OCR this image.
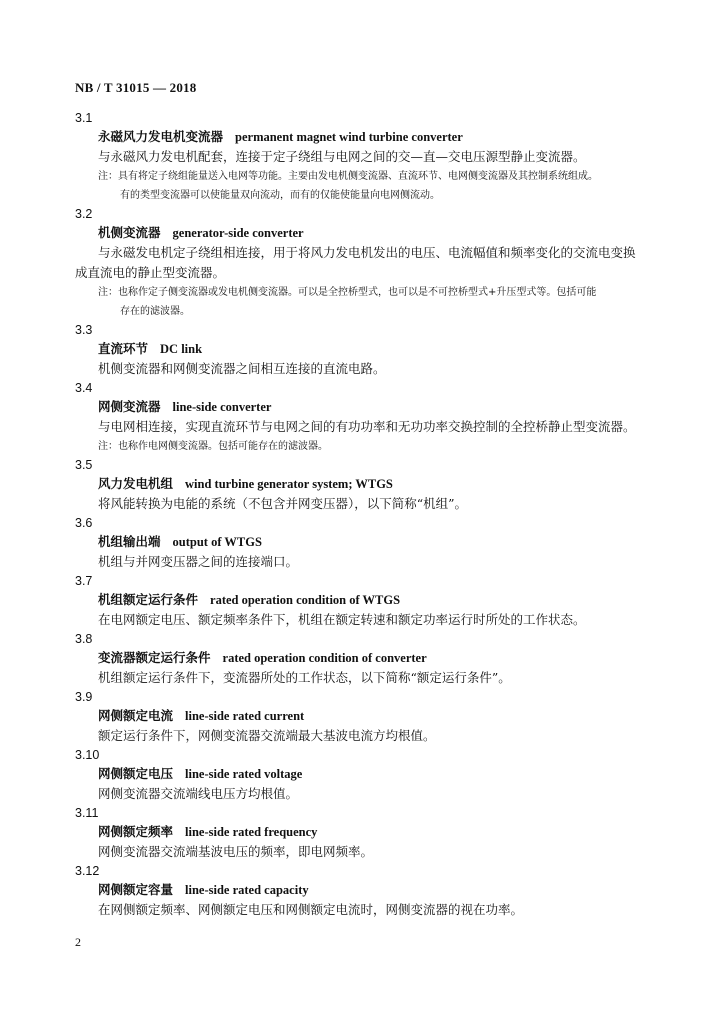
NB / T 31015 — 2018
3.1
永磁风力发电机变流器 permanent magnet wind turbine converter
与永磁风力发电机配套，连接于定子绕组与电网之间的交—直—交电压源型静止变流器。
注：具有将定子绕组能量送入电网等功能。主要由发电机侧变流器、直流环节、电网侧变流器及其控制系统组成。
有的类型变流器可以使能量双向流动，而有的仅能使能量向电网侧流动。
3.2
机侧变流器 generator-side converter
与永磁发电机定子绕组相连接，用于将风力发电机发出的电压、电流幅值和频率变化的交流电变换
成直流电的静止型变流器。
注：也称作定子侧变流器或发电机侧变流器。可以是全控桥型式，也可以是不可控桥型式+升压型式等。包括可能
存在的滤波器。
3.3
直流环节 DC link
机侧变流器和网侧变流器之间相互连接的直流电路。
3.4
网侧变流器 line-side converter
与电网相连接，实现直流环节与电网之间的有功功率和无功功率交换控制的全控桥静止型变流器。
注：也称作电网侧变流器。包括可能存在的滤波器。
3.5
风力发电机组 wind turbine generator system; WTGS
将风能转换为电能的系统（不包含并网变压器），以下简称“机组”。
3.6
机组输出端 output of WTGS
机组与并网变压器之间的连接端口。
3.7
机组额定运行条件 rated operation condition of WTGS
在电网额定电压、额定频率条件下，机组在额定转速和额定功率运行时所处的工作状态。
3.8
变流器额定运行条件 rated operation condition of converter
机组额定运行条件下，变流器所处的工作状态，以下简称“额定运行条件”。
3.9
网侧额定电流 line-side rated current
额定运行条件下，网侧变流器交流端最大基波电流方均根值。
3.10
网侧额定电压 line-side rated voltage
网侧变流器交流端线电压方均根值。
3.11
网侧额定频率 line-side rated frequency
网侧变流器交流端基波电压的频率，即电网频率。
3.12
网侧额定容量 line-side rated capacity
在网侧额定频率、网侧额定电压和网侧额定电流时，网侧变流器的视在功率。
2
